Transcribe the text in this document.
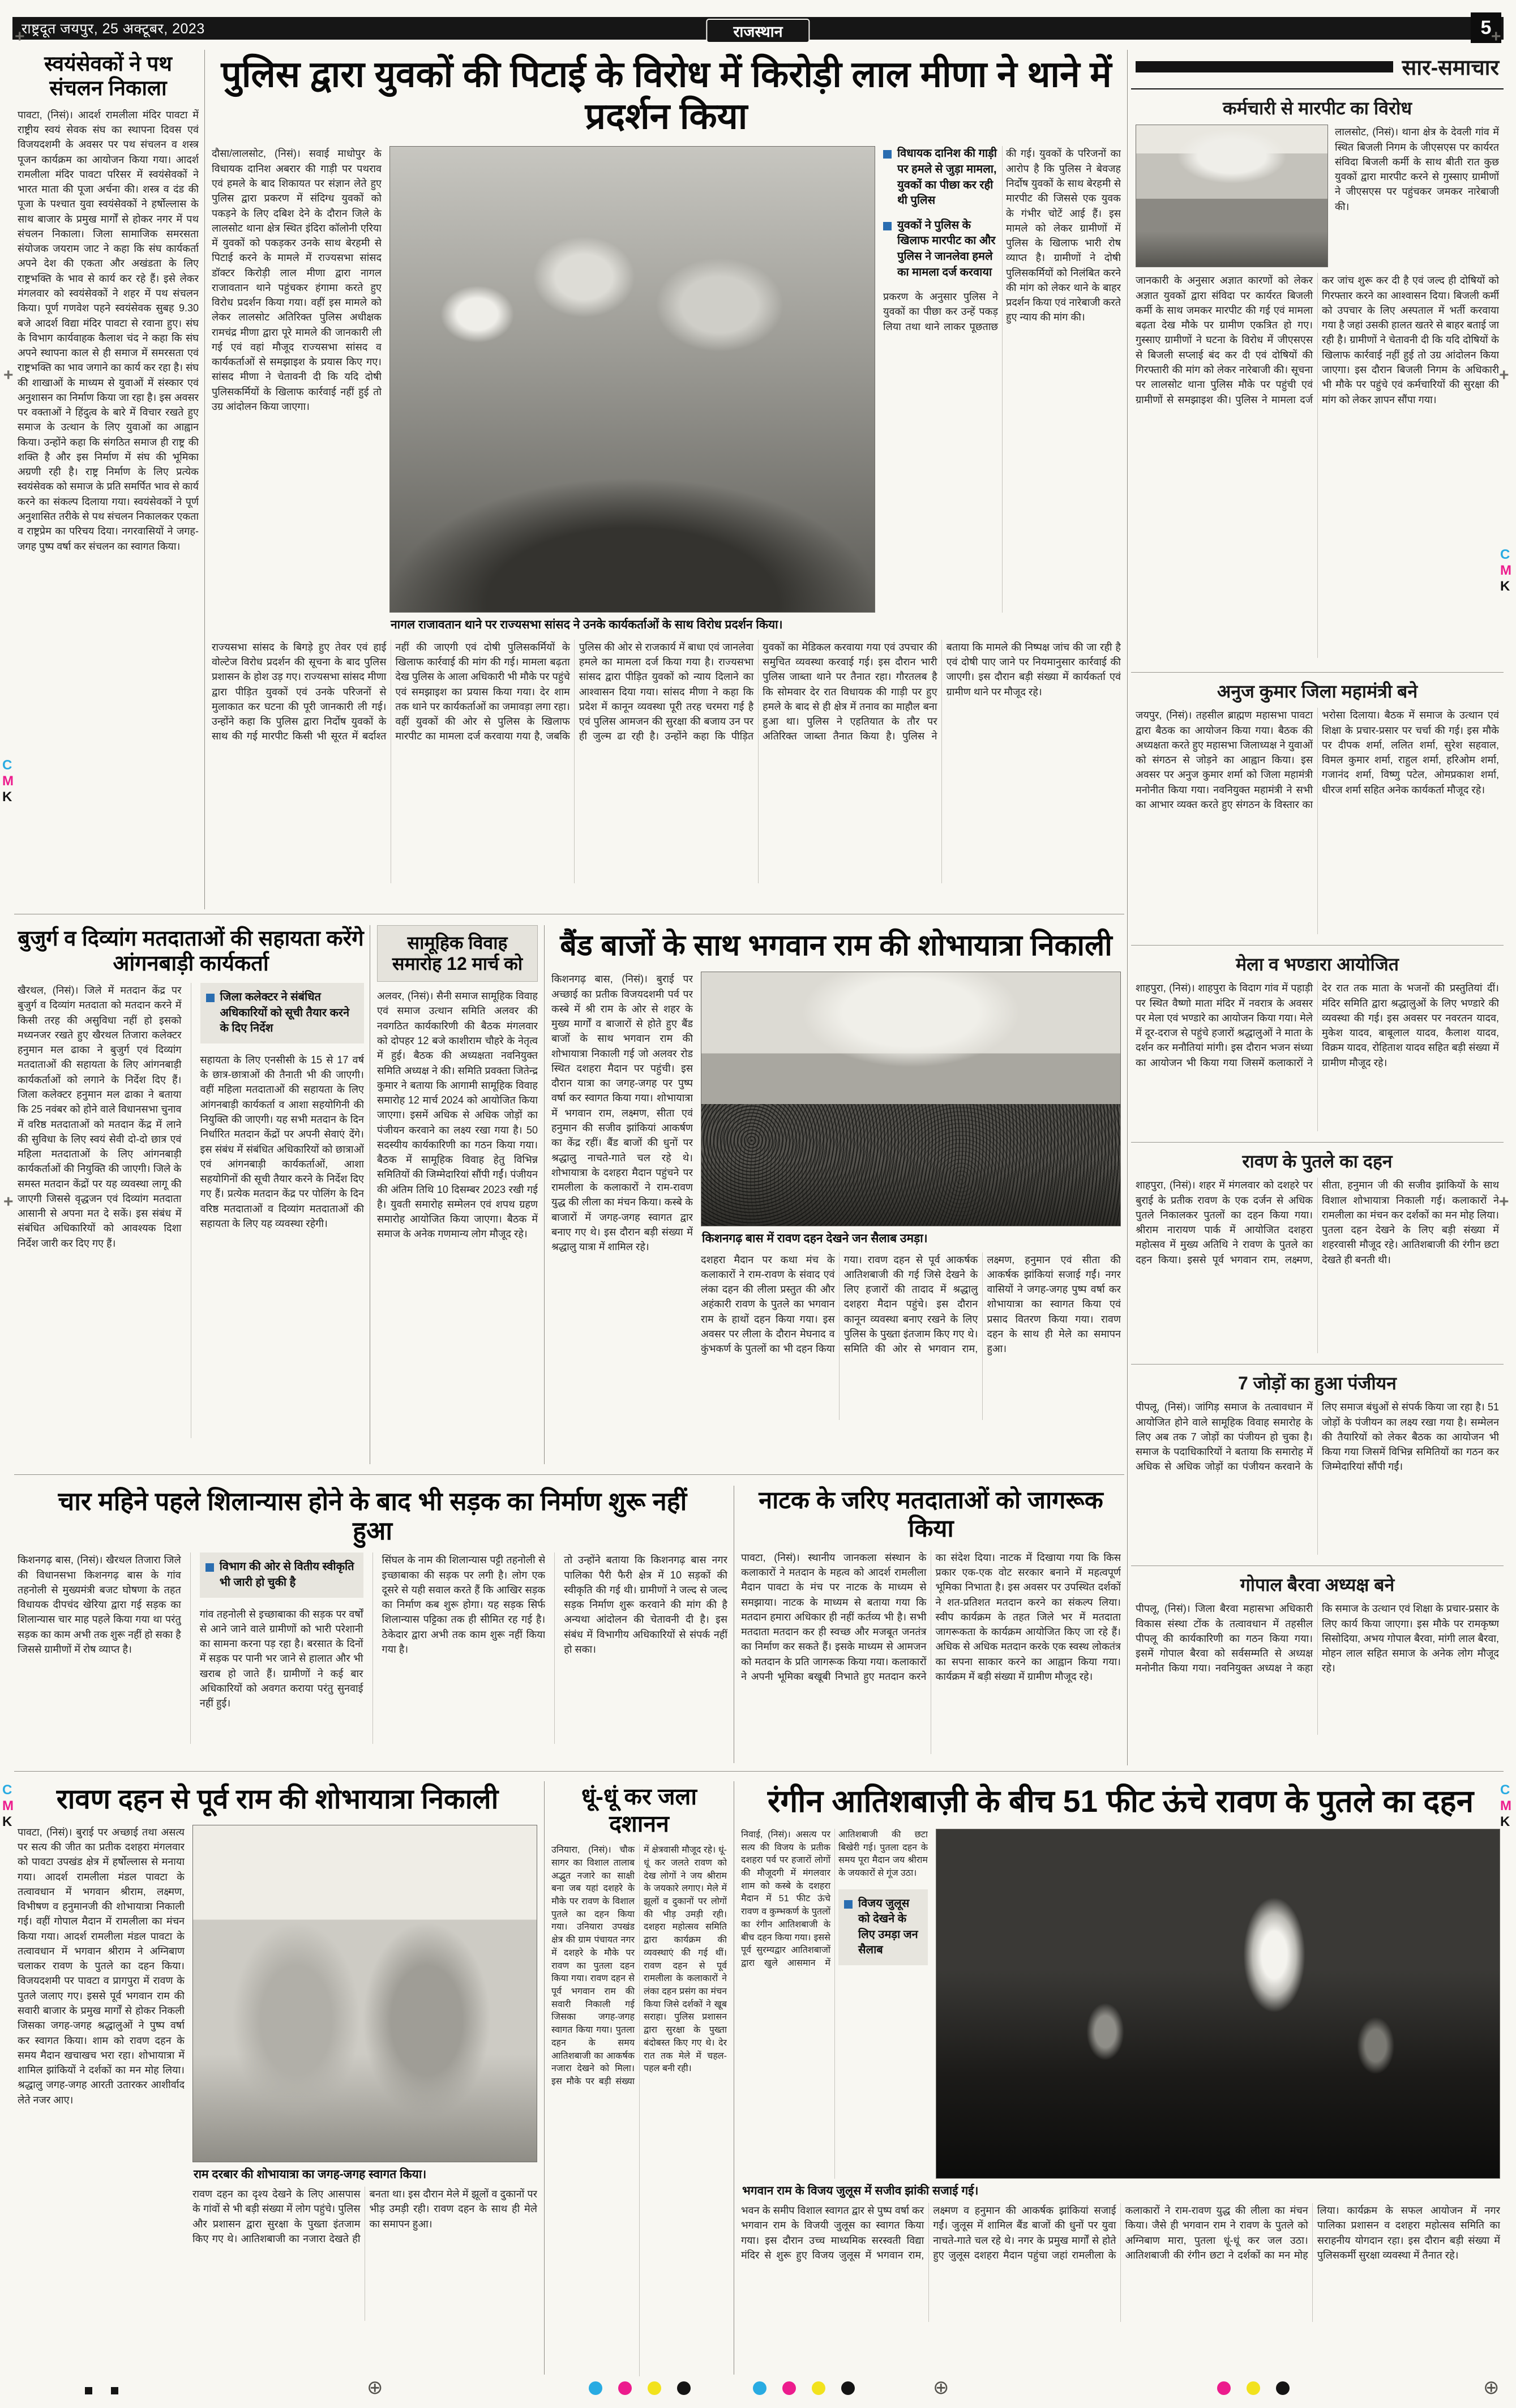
राष्ट्रदूत जयपुर, 25 अक्टूबर, 2023	राजस्थान	5
स्वयंसेवकों ने पथ संचलन निकाला
पावटा, (निसं)। आदर्श रामलीला मंदिर पावटा में राष्ट्रीय स्वयं सेवक संघ का स्थापना दिवस एवं विजयदशमी के अवसर पर पथ संचलन व शस्त्र पूजन कार्यक्रम का आयोजन किया गया। आदर्श रामलीला मंदिर पावटा परिसर में स्वयंसेवकों ने भारत माता की पूजा अर्चना की। शस्त्र व दंड की पूजा के पश्चात युवा स्वयंसेवकों ने हर्षोल्लास के साथ बाजार के प्रमुख मार्गों से होकर नगर में पथ संचलन निकाला। जिला सामाजिक समरसता संयोजक जयराम जाट ने कहा कि संघ कार्यकर्ता अपने देश की एकता और अखंडता के लिए राष्ट्रभक्ति के भाव से कार्य कर रहे हैं। इसे लेकर मंगलवार को स्वयंसेवकों ने शहर में पथ संचलन किया। पूर्ण गणवेश पहने स्वयंसेवक सुबह 9.30 बजे आदर्श विद्या मंदिर पावटा से रवाना हुए। संघ के विभाग कार्यवाहक कैलाश चंद ने कहा कि संघ अपने स्थापना काल से ही समाज में समरसता एवं राष्ट्रभक्ति का भाव जगाने का कार्य कर रहा है। संघ की शाखाओं के माध्यम से युवाओं में संस्कार एवं अनुशासन का निर्माण किया जा रहा है। इस अवसर पर वक्ताओं ने हिंदुत्व के बारे में विचार रखते हुए समाज के उत्थान के लिए युवाओं का आह्वान किया। उन्होंने कहा कि संगठित समाज ही राष्ट्र की शक्ति है और इस निर्माण में संघ की भूमिका अग्रणी रही है। राष्ट्र निर्माण के लिए प्रत्येक स्वयंसेवक को समाज के प्रति समर्पित भाव से कार्य करने का संकल्प दिलाया गया। स्वयंसेवकों ने पूर्ण अनुशासित तरीके से पथ संचलन निकालकर एकता व राष्ट्रप्रेम का परिचय दिया। नगरवासियों ने जगह-जगह पुष्प वर्षा कर संचलन का स्वागत किया।
पुलिस द्वारा युवकों की पिटाई के विरोध में किरोड़ी लाल मीणा ने थाने में प्रदर्शन किया
दौसा/लालसोट, (निसं)। सवाई माधोपुर के विधायक दानिश अबरार की गाड़ी पर पथराव एवं हमले के बाद शिकायत पर संज्ञान लेते हुए पुलिस द्वारा प्रकरण में संदिग्ध युवकों को पकड़ने के लिए दबिश देने के दौरान जिले के लालसोट थाना क्षेत्र स्थित इंदिरा कॉलोनी एरिया में युवकों को पकड़कर उनके साथ बेरहमी से पिटाई करने के मामले में राज्यसभा सांसद डॉक्टर किरोड़ी लाल मीणा द्वारा नागल राजावतान थाने पहुंचकर हंगामा करते हुए विरोध प्रदर्शन किया गया। वहीं इस मामले को लेकर लालसोट अतिरिक्त पुलिस अधीक्षक रामचंद्र मीणा द्वारा पूरे मामले की जानकारी ली गई एवं वहां मौजूद राज्यसभा सांसद व कार्यकर्ताओं से समझाइश के प्रयास किए गए। सांसद मीणा ने चेतावनी दी कि यदि दोषी पुलिसकर्मियों के खिलाफ कार्रवाई नहीं हुई तो उग्र आंदोलन किया जाएगा।
विधायक दानिश की गाड़ी पर हमले से जुड़ा मामला, युवकों का पीछा कर रही थी पुलिस
युवकों ने पुलिस के खिलाफ मारपीट का और पुलिस ने जानलेवा हमले का मामला दर्ज करवाया
प्रकरण के अनुसार पुलिस ने युवकों का पीछा कर उन्हें पकड़ लिया तथा थाने लाकर पूछताछ की गई। युवकों के परिजनों का आरोप है कि पुलिस ने बेवजह निर्दोष युवकों के साथ बेरहमी से मारपीट की जिससे एक युवक के गंभीर चोटें आई हैं। इस मामले को लेकर ग्रामीणों में पुलिस के खिलाफ भारी रोष व्याप्त है। ग्रामीणों ने दोषी पुलिसकर्मियों को निलंबित करने की मांग को लेकर थाने के बाहर प्रदर्शन किया एवं नारेबाजी करते हुए न्याय की मांग की।
नागल राजावतान थाने पर राज्यसभा सांसद ने उनके कार्यकर्ताओं के साथ विरोध प्रदर्शन किया।
राज्यसभा सांसद के बिगड़े हुए तेवर एवं हाई वोल्टेज विरोध प्रदर्शन की सूचना के बाद पुलिस प्रशासन के होश उड़ गए। राज्यसभा सांसद मीणा द्वारा पीड़ित युवकों एवं उनके परिजनों से मुलाकात कर घटना की पूरी जानकारी ली गई। उन्होंने कहा कि पुलिस द्वारा निर्दोष युवकों के साथ की गई मारपीट किसी भी सूरत में बर्दाश्त नहीं की जाएगी एवं दोषी पुलिसकर्मियों के खिलाफ कार्रवाई की मांग की गई। मामला बढ़ता देख पुलिस के आला अधिकारी भी मौके पर पहुंचे एवं समझाइश का प्रयास किया गया। देर शाम तक थाने पर कार्यकर्ताओं का जमावड़ा लगा रहा। वहीं युवकों की ओर से पुलिस के खिलाफ मारपीट का मामला दर्ज करवाया गया है, जबकि पुलिस की ओर से राजकार्य में बाधा एवं जानलेवा हमले का मामला दर्ज किया गया है। राज्यसभा सांसद द्वारा पीड़ित युवकों को न्याय दिलाने का आश्वासन दिया गया। सांसद मीणा ने कहा कि प्रदेश में कानून व्यवस्था पूरी तरह चरमरा गई है एवं पुलिस आमजन की सुरक्षा की बजाय उन पर ही जुल्म ढा रही है। उन्होंने कहा कि पीड़ित युवकों का मेडिकल करवाया गया एवं उपचार की समुचित व्यवस्था करवाई गई। इस दौरान भारी पुलिस जाब्ता थाने पर तैनात रहा। गौरतलब है कि सोमवार देर रात विधायक की गाड़ी पर हुए हमले के बाद से ही क्षेत्र में तनाव का माहौल बना हुआ था। पुलिस ने एहतियात के तौर पर अतिरिक्त जाब्ता तैनात किया है। पुलिस ने बताया कि मामले की निष्पक्ष जांच की जा रही है एवं दोषी पाए जाने पर नियमानुसार कार्रवाई की जाएगी। इस दौरान बड़ी संख्या में कार्यकर्ता एवं ग्रामीण थाने पर मौजूद रहे।
सार-समाचार
कर्मचारी से मारपीट का विरोध
लालसोट, (निसं)। थाना क्षेत्र के देवली गांव में स्थित बिजली निगम के जीएसएस पर कार्यरत संविदा बिजली कर्मी के साथ बीती रात कुछ युवकों द्वारा मारपीट करने से गुस्साए ग्रामीणों ने जीएसएस पर पहुंचकर जमकर नारेबाजी की।
जानकारी के अनुसार अज्ञात कारणों को लेकर अज्ञात युवकों द्वारा संविदा पर कार्यरत बिजली कर्मी के साथ जमकर मारपीट की गई एवं मामला बढ़ता देख मौके पर ग्रामीण एकत्रित हो गए। गुस्साए ग्रामीणों ने घटना के विरोध में जीएसएस से बिजली सप्लाई बंद कर दी एवं दोषियों की गिरफ्तारी की मांग को लेकर नारेबाजी की। सूचना पर लालसोट थाना पुलिस मौके पर पहुंची एवं ग्रामीणों से समझाइश की। पुलिस ने मामला दर्ज कर जांच शुरू कर दी है एवं जल्द ही दोषियों को गिरफ्तार करने का आश्वासन दिया। बिजली कर्मी को उपचार के लिए अस्पताल में भर्ती करवाया गया है जहां उसकी हालत खतरे से बाहर बताई जा रही है। ग्रामीणों ने चेतावनी दी कि यदि दोषियों के खिलाफ कार्रवाई नहीं हुई तो उग्र आंदोलन किया जाएगा। इस दौरान बिजली निगम के अधिकारी भी मौके पर पहुंचे एवं कर्मचारियों की सुरक्षा की मांग को लेकर ज्ञापन सौंपा गया।
अनुज कुमार जिला महामंत्री बने
जयपुर, (निसं)। तहसील ब्राह्मण महासभा पावटा द्वारा बैठक का आयोजन किया गया। बैठक की अध्यक्षता करते हुए महासभा जिलाध्यक्ष ने युवाओं को संगठन से जोड़ने का आह्वान किया। इस अवसर पर अनुज कुमार शर्मा को जिला महामंत्री मनोनीत किया गया। नवनियुक्त महामंत्री ने सभी का आभार व्यक्त करते हुए संगठन के विस्तार का भरोसा दिलाया। बैठक में समाज के उत्थान एवं शिक्षा के प्रचार-प्रसार पर चर्चा की गई। इस मौके पर दीपक शर्मा, ललित शर्मा, सुरेश सहवाल, विमल कुमार शर्मा, राहुल शर्मा, हरिओम शर्मा, गजानंद शर्मा, विष्णु पटेल, ओमप्रकाश शर्मा, धीरज शर्मा सहित अनेक कार्यकर्ता मौजूद रहे।
मेला व भण्डारा आयोजित
शाहपुरा, (निसं)। शाहपुरा के विदाग गांव में पहाड़ी पर स्थित वैष्णो माता मंदिर में नवरात्र के अवसर पर मेला एवं भण्डारे का आयोजन किया गया। मेले में दूर-दराज से पहुंचे हजारों श्रद्धालुओं ने माता के दर्शन कर मनौतियां मांगी। इस दौरान भजन संध्या का आयोजन भी किया गया जिसमें कलाकारों ने देर रात तक माता के भजनों की प्रस्तुतियां दीं। मंदिर समिति द्वारा श्रद्धालुओं के लिए भण्डारे की व्यवस्था की गई। इस अवसर पर नवरतन यादव, मुकेश यादव, बाबूलाल यादव, कैलाश यादव, विक्रम यादव, रोहिताश यादव सहित बड़ी संख्या में ग्रामीण मौजूद रहे।
रावण के पुतले का दहन
शाहपुरा, (निसं)। शहर में मंगलवार को दशहरे पर बुराई के प्रतीक रावण के एक दर्जन से अधिक पुतले निकालकर पुतलों का दहन किया गया। श्रीराम नारायण पार्क में आयोजित दशहरा महोत्सव में मुख्य अतिथि ने रावण के पुतले का दहन किया। इससे पूर्व भगवान राम, लक्ष्मण, सीता, हनुमान जी की सजीव झांकियों के साथ विशाल शोभायात्रा निकाली गई। कलाकारों ने रामलीला का मंचन कर दर्शकों का मन मोह लिया। पुतला दहन देखने के लिए बड़ी संख्या में शहरवासी मौजूद रहे। आतिशबाजी की रंगीन छटा देखते ही बनती थी।
7 जोड़ों का हुआ पंजीयन
पीपलू, (निसं)। जांगिड़ समाज के तत्वावधान में आयोजित होने वाले सामूहिक विवाह समारोह के लिए अब तक 7 जोड़ों का पंजीयन हो चुका है। समाज के पदाधिकारियों ने बताया कि समारोह में अधिक से अधिक जोड़ों का पंजीयन करवाने के लिए समाज बंधुओं से संपर्क किया जा रहा है। 51 जोड़ों के पंजीयन का लक्ष्य रखा गया है। सम्मेलन की तैयारियों को लेकर बैठक का आयोजन भी किया गया जिसमें विभिन्न समितियों का गठन कर जिम्मेदारियां सौंपी गईं।
गोपाल बैरवा अध्यक्ष बने
पीपलू, (निसं)। जिला बैरवा महासभा अधिकारी विकास संस्था टोंक के तत्वावधान में तहसील पीपलू की कार्यकारिणी का गठन किया गया। इसमें गोपाल बैरवा को सर्वसम्मति से अध्यक्ष मनोनीत किया गया। नवनियुक्त अध्यक्ष ने कहा कि समाज के उत्थान एवं शिक्षा के प्रचार-प्रसार के लिए कार्य किया जाएगा। इस मौके पर रामकृष्ण सिसोदिया, अभय गोपाल बैरवा, मांगी लाल बैरवा, मोहन लाल सहित समाज के अनेक लोग मौजूद रहे।
बुजुर्ग व दिव्यांग मतदाताओं की सहायता करेंगे आंगनबाड़ी कार्यकर्ता
खैरथल, (निसं)। जिले में मतदान केंद्र पर बुजुर्ग व दिव्यांग मतदाता को मतदान करने में किसी तरह की असुविधा नहीं हो इसको मध्यनजर रखते हुए खैरथल तिजारा कलेक्टर हनुमान मल ढाका ने बुजुर्ग एवं दिव्यांग मतदाताओं की सहायता के लिए आंगनबाड़ी कार्यकर्ताओं को लगाने के निर्देश दिए हैं। जिला कलेक्टर हनुमान मल ढाका ने बताया कि 25 नवंबर को होने वाले विधानसभा चुनाव में वरिष्ठ मतदाताओं को मतदान केंद्र में लाने की सुविधा के लिए स्वयं सेवी दो-दो छात्र एवं महिला मतदाताओं के लिए आंगनबाड़ी कार्यकर्ताओं की नियुक्ति की जाएगी। जिले के समस्त मतदान केंद्रों पर यह व्यवस्था लागू की जाएगी जिससे वृद्धजन एवं दिव्यांग मतदाता आसानी से अपना मत दे सकें। इस संबंध में संबंधित अधिकारियों को आवश्यक दिशा निर्देश जारी कर दिए गए हैं।
जिला कलेक्टर ने संबंधित अधिकारियों को सूची तैयार करने के दिए निर्देश
सहायता के लिए एनसीसी के 15 से 17 वर्ष के छात्र-छात्राओं की तैनाती भी की जाएगी। वहीं महिला मतदाताओं की सहायता के लिए आंगनबाड़ी कार्यकर्ता व आशा सहयोगिनी की नियुक्ति की जाएगी। यह सभी मतदान के दिन निर्धारित मतदान केंद्रों पर अपनी सेवाएं देंगे। इस संबंध में संबंधित अधिकारियों को छात्राओं एवं आंगनबाड़ी कार्यकर्ताओं, आशा सहयोगिनों की सूची तैयार करने के निर्देश दिए गए हैं। प्रत्येक मतदान केंद्र पर पोलिंग के दिन वरिष्ठ मतदाताओं व दिव्यांग मतदाताओं की सहायता के लिए यह व्यवस्था रहेगी।
सामूहिक विवाह समारोह 12 मार्च को
अलवर, (निसं)। सैनी समाज सामूहिक विवाह एवं समाज उत्थान समिति अलवर की नवगठित कार्यकारिणी की बैठक मंगलवार को दोपहर 12 बजे काशीराम चौहरे के नेतृत्व में हुई। बैठक की अध्यक्षता नवनियुक्त समिति अध्यक्ष ने की। समिति प्रवक्ता जितेन्द्र कुमार ने बताया कि आगामी सामूहिक विवाह समारोह 12 मार्च 2024 को आयोजित किया जाएगा। इसमें अधिक से अधिक जोड़ों का पंजीयन करवाने का लक्ष्य रखा गया है। 50 सदस्यीय कार्यकारिणी का गठन किया गया। बैठक में सामूहिक विवाह हेतु विभिन्न समितियों की जिम्मेदारियां सौंपी गईं। पंजीयन की अंतिम तिथि 10 दिसम्बर 2023 रखी गई है। युवती समारोह सम्मेलन एवं शपथ ग्रहण समारोह आयोजित किया जाएगा। बैठक में समाज के अनेक गणमान्य लोग मौजूद रहे।
बैंड बाजों के साथ भगवान राम की शोभायात्रा निकाली
किशनगढ़ बास, (निसं)। बुराई पर अच्छाई का प्रतीक विजयदशमी पर्व पर कस्बे में श्री राम के ओर से शहर के मुख्य मार्गों व बाजारों से होते हुए बैंड बाजों के साथ भगवान राम की शोभायात्रा निकाली गई जो अलवर रोड स्थित दशहरा मैदान पर पहुंची। इस दौरान यात्रा का जगह-जगह पर पुष्प वर्षा कर स्वागत किया गया। शोभायात्रा में भगवान राम, लक्ष्मण, सीता एवं हनुमान की सजीव झांकियां आकर्षण का केंद्र रहीं। बैंड बाजों की धुनों पर श्रद्धालु नाचते-गाते चल रहे थे। शोभायात्रा के दशहरा मैदान पहुंचने पर रामलीला के कलाकारों ने राम-रावण युद्ध की लीला का मंचन किया। कस्बे के बाजारों में जगह-जगह स्वागत द्वार बनाए गए थे। इस दौरान बड़ी संख्या में श्रद्धालु यात्रा में शामिल रहे।
किशनगढ़ बास में रावण दहन देखने जन सैलाब उमड़ा।
दशहरा मैदान पर कथा मंच के कलाकारों ने राम-रावण के संवाद एवं लंका दहन की लीला प्रस्तुत की और अहंकारी रावण के पुतले का भगवान राम के हाथों दहन किया गया। इस अवसर पर लीला के दौरान मेघनाद व कुंभकर्ण के पुतलों का भी दहन किया गया। रावण दहन से पूर्व आकर्षक आतिशबाजी की गई जिसे देखने के लिए हजारों की तादाद में श्रद्धालु दशहरा मैदान पहुंचे। इस दौरान कानून व्यवस्था बनाए रखने के लिए पुलिस के पुख्ता इंतजाम किए गए थे। समिति की ओर से भगवान राम, लक्ष्मण, हनुमान एवं सीता की आकर्षक झांकियां सजाई गईं। नगर वासियों ने जगह-जगह पुष्प वर्षा कर शोभायात्रा का स्वागत किया एवं प्रसाद वितरण किया गया। रावण दहन के साथ ही मेले का समापन हुआ।
चार महिने पहले शिलान्यास होने के बाद भी सड़क का निर्माण शुरू नहीं हुआ
किशनगढ़ बास, (निसं)। खैरथल तिजारा जिले की विधानसभा किशनगढ़ बास के गांव तहनोली से मुख्यमंत्री बजट घोषणा के तहत विधायक दीपचंद खेरिया द्वारा गई सड़क का शिलान्यास चार माह पहले किया गया था परंतु सड़क का काम अभी तक शुरू नहीं हो सका है जिससे ग्रामीणों में रोष व्याप्त है।
विभाग की ओर से वितीय स्वीकृति भी जारी हो चुकी है
गांव तहनोली से इच्छाबाका की सड़क पर वर्षों से आने जाने वाले ग्रामीणों को भारी परेशानी का सामना करना पड़ रहा है। बरसात के दिनों में सड़क पर पानी भर जाने से हालात और भी खराब हो जाते हैं। ग्रामीणों ने कई बार अधिकारियों को अवगत कराया परंतु सुनवाई नहीं हुई।
सिंघल के नाम की शिलान्यास पट्टी तहनोली से इच्छाबाका की सड़क पर लगी है। लोग एक दूसरे से यही सवाल करते हैं कि आखिर सड़क का निर्माण कब शुरू होगा। यह सड़क सिर्फ शिलान्यास पट्टिका तक ही सीमित रह गई है। ठेकेदार द्वारा अभी तक काम शुरू नहीं किया गया है।
तो उन्होंने बताया कि किशनगढ़ बास नगर पालिका पैरी फैरी क्षेत्र में 10 सड़कों की स्वीकृति की गई थी। ग्रामीणों ने जल्द से जल्द सड़क निर्माण शुरू करवाने की मांग की है अन्यथा आंदोलन की चेतावनी दी है। इस संबंध में विभागीय अधिकारियों से संपर्क नहीं हो सका।
नाटक के जरिए मतदाताओं को जागरूक किया
पावटा, (निसं)। स्थानीय जानकला संस्थान के कलाकारों ने मतदान के महत्व को आदर्श रामलीला मैदान पावटा के मंच पर नाटक के माध्यम से समझाया। नाटक के माध्यम से बताया गया कि मतदान हमारा अधिकार ही नहीं कर्तव्य भी है। सभी मतदाता मतदान कर ही स्वच्छ और मजबूत जनतंत्र का निर्माण कर सकते हैं। इसके माध्यम से आमजन को मतदान के प्रति जागरूक किया गया। कलाकारों ने अपनी भूमिका बखूबी निभाते हुए मतदान करने का संदेश दिया। नाटक में दिखाया गया कि किस प्रकार एक-एक वोट सरकार बनाने में महत्वपूर्ण भूमिका निभाता है। इस अवसर पर उपस्थित दर्शकों ने शत-प्रतिशत मतदान करने का संकल्प लिया। स्वीप कार्यक्रम के तहत जिले भर में मतदाता जागरूकता के कार्यक्रम आयोजित किए जा रहे हैं। अधिक से अधिक मतदान करके एक स्वस्थ लोकतंत्र का सपना साकार करने का आह्वान किया गया। कार्यक्रम में बड़ी संख्या में ग्रामीण मौजूद रहे।
रावण दहन से पूर्व राम की शोभायात्रा निकाली
पावटा, (निसं)। बुराई पर अच्छाई तथा असत्य पर सत्य की जीत का प्रतीक दशहरा मंगलवार को पावटा उपखंड क्षेत्र में हर्षोल्लास से मनाया गया। आदर्श रामलीला मंडल पावटा के तत्वावधान में भगवान श्रीराम, लक्ष्मण, विभीषण व हनुमानजी की शोभायात्रा निकाली गई। वहीं गोपाल मैदान में रामलीला का मंचन किया गया। आदर्श रामलीला मंडल पावटा के तत्वावधान में भगवान श्रीराम ने अग्निबाण चलाकर रावण के पुतले का दहन किया। विजयदशमी पर पावटा व प्रागपुरा में रावण के पुतले जलाए गए। इससे पूर्व भगवान राम की सवारी बाजार के प्रमुख मार्गों से होकर निकली जिसका जगह-जगह श्रद्धालुओं ने पुष्प वर्षा कर स्वागत किया। शाम को रावण दहन के समय मैदान खचाखच भरा रहा। शोभायात्रा में शामिल झांकियों ने दर्शकों का मन मोह लिया। श्रद्धालु जगह-जगह आरती उतारकर आशीर्वाद लेते नजर आए।
राम दरबार की शोभायात्रा का जगह-जगह स्वागत किया।
रावण दहन का दृश्य देखने के लिए आसपास के गांवों से भी बड़ी संख्या में लोग पहुंचे। पुलिस और प्रशासन द्वारा सुरक्षा के पुख्ता इंतजाम किए गए थे। आतिशबाजी का नजारा देखते ही बनता था। इस दौरान मेले में झूलों व दुकानों पर भीड़ उमड़ी रही। रावण दहन के साथ ही मेले का समापन हुआ।
धूं-धूं कर जला दशानन
उनियारा, (निसं)। चौक सागर का विशाल तालाब अद्भुत नजारे का साक्षी बना जब यहां दशहरे के मौके पर रावण के विशाल पुतले का दहन किया गया। उनियारा उपखंड क्षेत्र की ग्राम पंचायत नगर में दशहरे के मौके पर रावण का पुतला दहन किया गया। रावण दहन से पूर्व भगवान राम की सवारी निकाली गई जिसका जगह-जगह स्वागत किया गया। पुतला दहन के समय आतिशबाजी का आकर्षक नजारा देखने को मिला। इस मौके पर बड़ी संख्या में क्षेत्रवासी मौजूद रहे। धूं-धूं कर जलते रावण को देख लोगों ने जय श्रीराम के जयकारे लगाए। मेले में झूलों व दुकानों पर लोगों की भीड़ उमड़ी रही। दशहरा महोत्सव समिति द्वारा कार्यक्रम की व्यवस्थाएं की गई थीं। रावण दहन से पूर्व रामलीला के कलाकारों ने लंका दहन प्रसंग का मंचन किया जिसे दर्शकों ने खूब सराहा। पुलिस प्रशासन द्वारा सुरक्षा के पुख्ता बंदोबस्त किए गए थे। देर रात तक मेले में चहल-पहल बनी रही।
रंगीन आतिशबाज़ी के बीच 51 फीट ऊंचे रावण के पुतले का दहन
निवाई, (निसं)। असत्य पर सत्य की विजय के प्रतीक दशहरा पर्व पर हजारों लोगों की मौजूदगी में मंगलवार शाम को कस्बे के दशहरा मैदान में 51 फीट ऊंचे रावण व कुम्भकर्ण के पुतलों का रंगीन आतिशबाजी के बीच दहन किया गया। इससे पूर्व सुरम्यद्वार आतिशबाजों द्वारा खुले आसमान में आतिशबाजी की छटा बिखेरी गई। पुतला दहन के समय पूरा मैदान जय श्रीराम के जयकारों से गूंज उठा।
विजय जुलूस को देखने के लिए उमड़ा जन सैलाब
भगवान राम के विजय जुलूस में सजीव झांकी सजाई गई।
भवन के समीप विशाल स्वागत द्वार से पुष्प वर्षा कर भगवान राम के विजयी जुलूस का स्वागत किया गया। इस दौरान उच्च माध्यमिक सरस्वती विद्या मंदिर से शुरू हुए विजय जुलूस में भगवान राम, लक्ष्मण व हनुमान की आकर्षक झांकियां सजाई गईं। जुलूस में शामिल बैंड बाजों की धुनों पर युवा नाचते-गाते चल रहे थे। नगर के प्रमुख मार्गों से होते हुए जुलूस दशहरा मैदान पहुंचा जहां रामलीला के कलाकारों ने राम-रावण युद्ध की लीला का मंचन किया। जैसे ही भगवान राम ने रावण के पुतले को अग्निबाण मारा, पुतला धूं-धूं कर जल उठा। आतिशबाजी की रंगीन छटा ने दर्शकों का मन मोह लिया। कार्यक्रम के सफल आयोजन में नगर पालिका प्रशासन व दशहरा महोत्सव समिति का सराहनीय योगदान रहा। इस दौरान बड़ी संख्या में पुलिसकर्मी सुरक्षा व्यवस्था में तैनात रहे।
+	+
+	+
+	+
C
M
K
C
M
K
C
M
K
C
M
K
⊕	⊕	⊕
